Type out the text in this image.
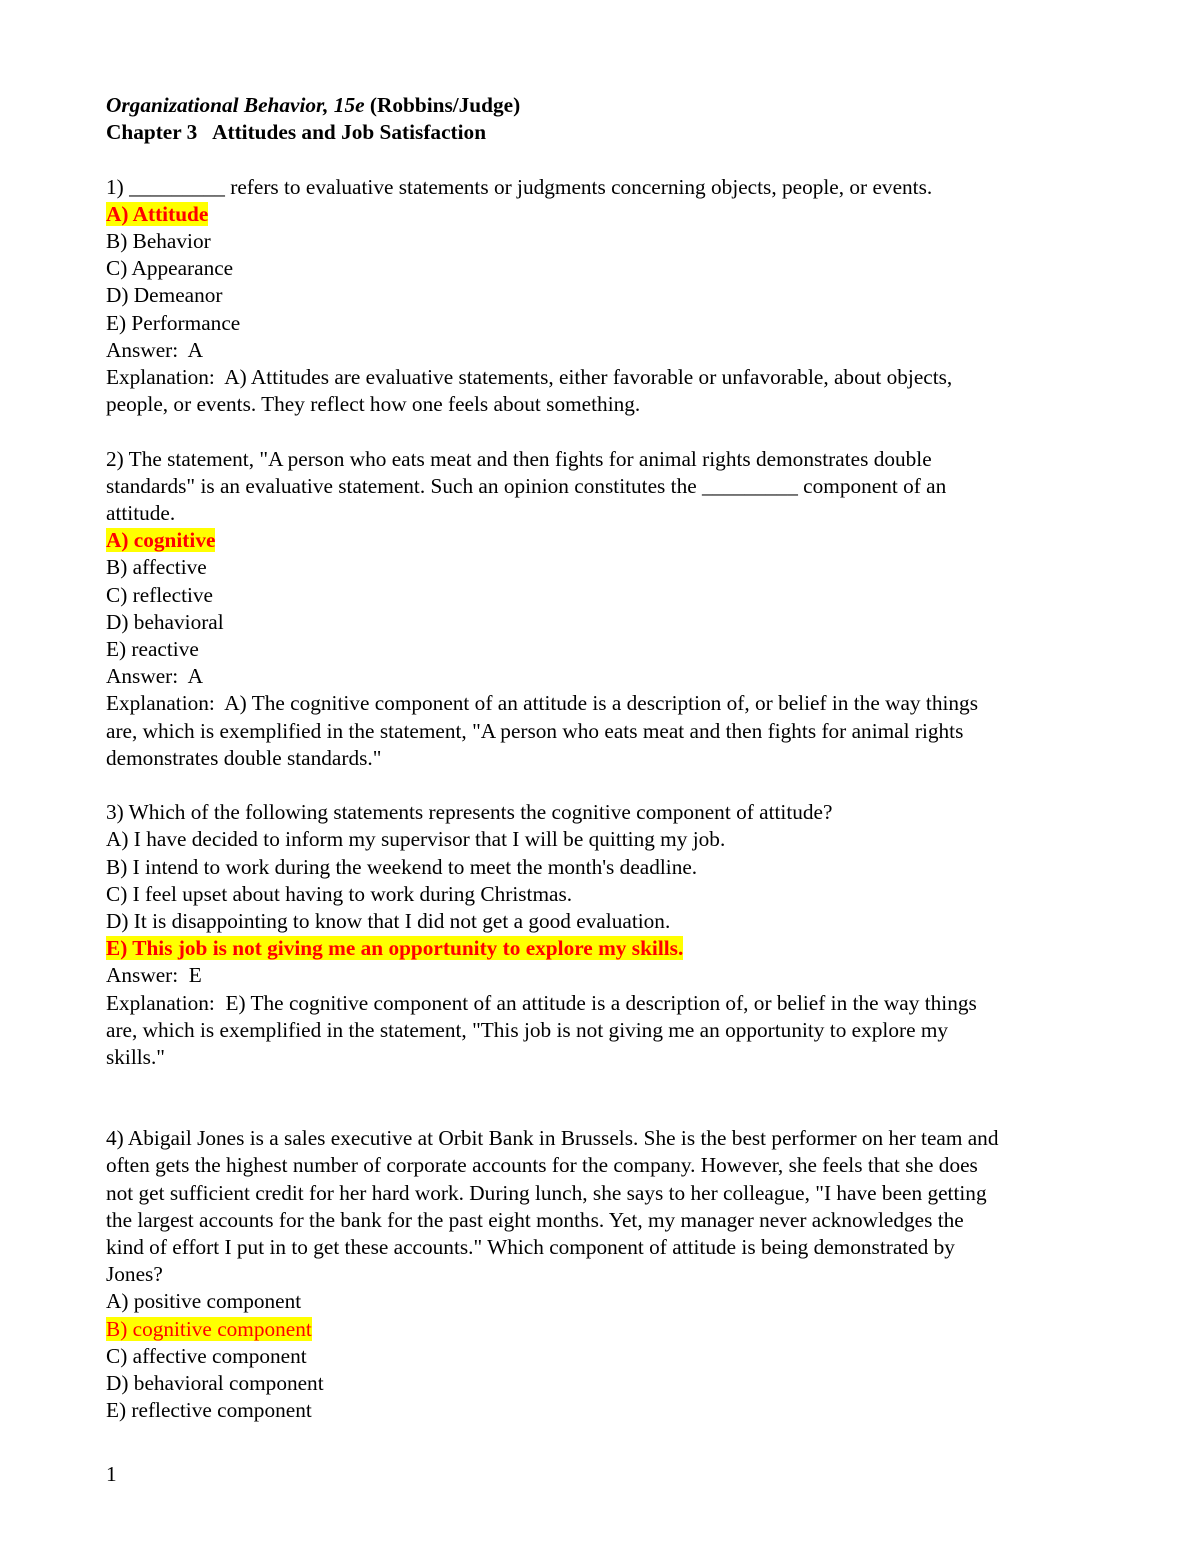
Organizational Behavior, 15e (Robbins/Judge)
Chapter 3   Attitudes and Job Satisfaction
1) _________ refers to evaluative statements or judgments concerning objects, people, or events.
A) Attitude
B) Behavior
C) Appearance
D) Demeanor
E) Performance
Answer:  A
Explanation:  A) Attitudes are evaluative statements, either favorable or unfavorable, about objects,
people, or events. They reflect how one feels about something.
2) The statement, "A person who eats meat and then fights for animal rights demonstrates double
standards" is an evaluative statement. Such an opinion constitutes the _________ component of an
attitude.
A) cognitive
B) affective
C) reflective
D) behavioral
E) reactive
Answer:  A
Explanation:  A) The cognitive component of an attitude is a description of, or belief in the way things
are, which is exemplified in the statement, "A person who eats meat and then fights for animal rights
demonstrates double standards."
3) Which of the following statements represents the cognitive component of attitude?
A) I have decided to inform my supervisor that I will be quitting my job.
B) I intend to work during the weekend to meet the month's deadline.
C) I feel upset about having to work during Christmas.
D) It is disappointing to know that I did not get a good evaluation.
E) This job is not giving me an opportunity to explore my skills.
Answer:  E
Explanation:  E) The cognitive component of an attitude is a description of, or belief in the way things
are, which is exemplified in the statement, "This job is not giving me an opportunity to explore my
skills."
4) Abigail Jones is a sales executive at Orbit Bank in Brussels. She is the best performer on her team and
often gets the highest number of corporate accounts for the company. However, she feels that she does
not get sufficient credit for her hard work. During lunch, she says to her colleague, "I have been getting
the largest accounts for the bank for the past eight months. Yet, my manager never acknowledges the
kind of effort I put in to get these accounts." Which component of attitude is being demonstrated by
Jones?
A) positive component
B) cognitive component
C) affective component
D) behavioral component
E) reflective component
1
